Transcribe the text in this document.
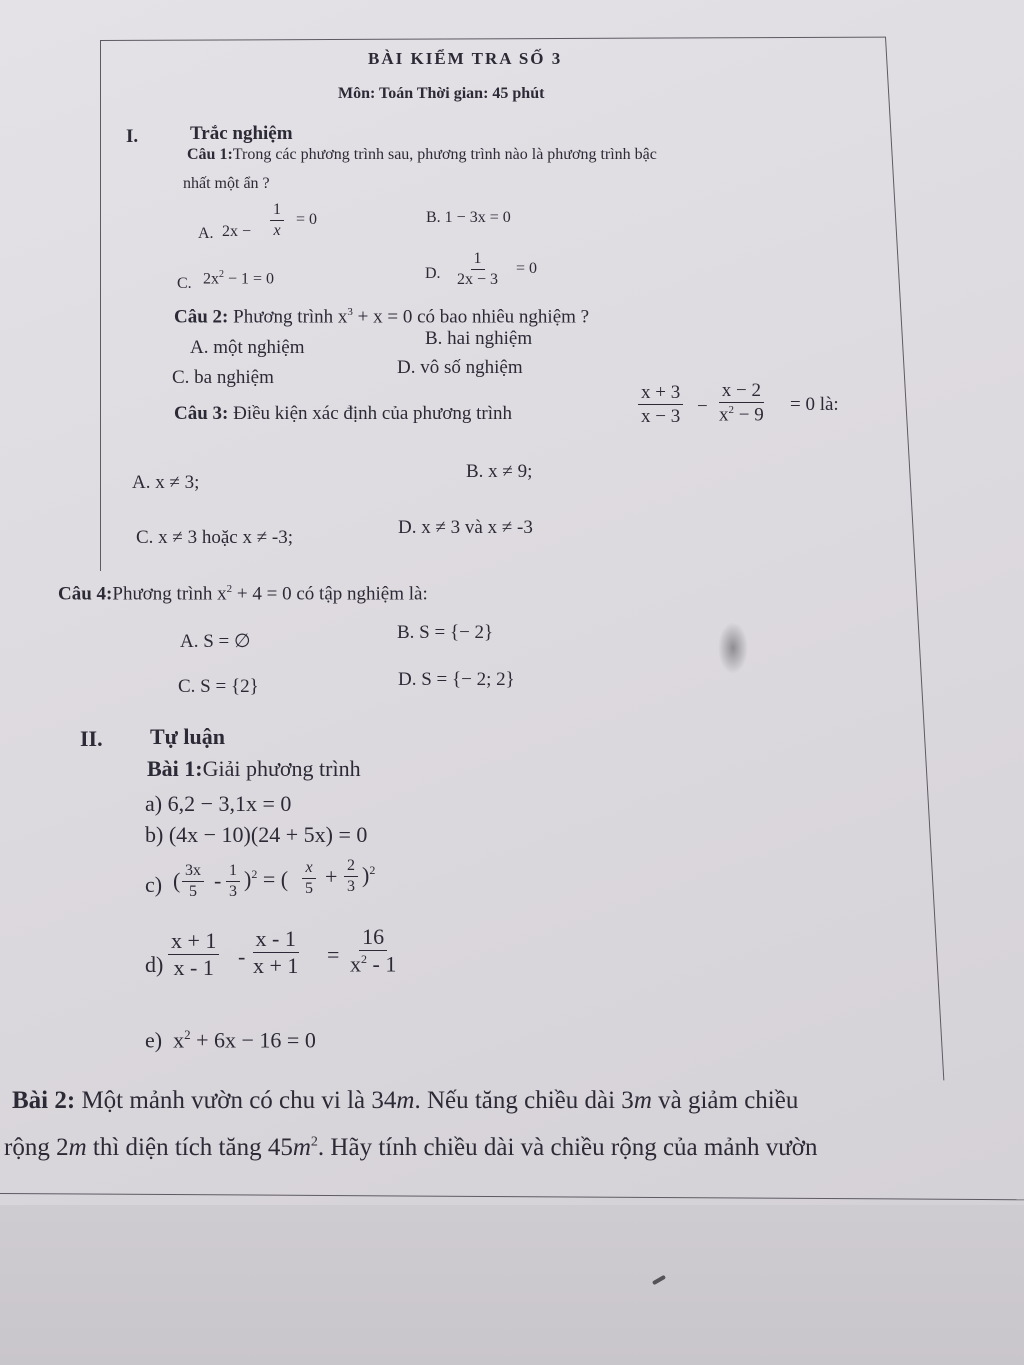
BÀI KIỂM TRA SỐ 3
Môn: Toán Thời gian: 45 phút
I.	Trắc nghiệm
Câu 1:Trong các phương trình sau, phương trình nào là phương trình bậc
nhất một ẩn ?
A. $2x - \frac{1}{x} = 0$	B. 1 − 3x = 0
C. $2x^2 - 1 = 0$	D. $\frac{1}{2x - 3} = 0$
Câu 2: Phương trình $x^3 + x = 0$ có bao nhiêu nghiệm ?
A. một nghiệm	B. hai nghiệm
C. ba nghiệm	D. vô số nghiệm
Câu 3: Điều kiện xác định của phương trình	$\frac{x + 3}{x - 3} - \frac{x - 2}{x^2 - 9} = 0$ là:
A. x ≠ 3;
B. x ≠ 9;
C. x ≠ 3 hoặc x ≠ -3;	D. x ≠ 3 và x ≠ -3
Câu 4:Phương trình $x^2 + 4 = 0$ có tập nghiệm là:
A. S = ∅	B. S = {− 2}
C. S = {2}	D. S = {− 2; 2}
II. Tự luận
Bài 1:Giải phương trình
a) 6,2 − 3,1x = 0
b) (4x − 10)(24 + 5x) = 0
c) ( $\frac{3x}{5} - \frac{1}{3} )^2$ = ( $\frac{x}{5} + \frac{2}{3} )^2$
$d) \frac{x + 1}{x - 1} - \frac{x - 1}{x + 1} = \frac{16}{x^2 - 1}$
e) $x^2 + 6x - 16 = 0$
Bài 2: Một mảnh vườn có chu vi là 34m. Nếu tăng chiều dài 3m và giảm chiều
rộng 2m thì diện tích tăng $45m^2$. Hãy tính chiều dài và chiều rộng của mảnh vườn
